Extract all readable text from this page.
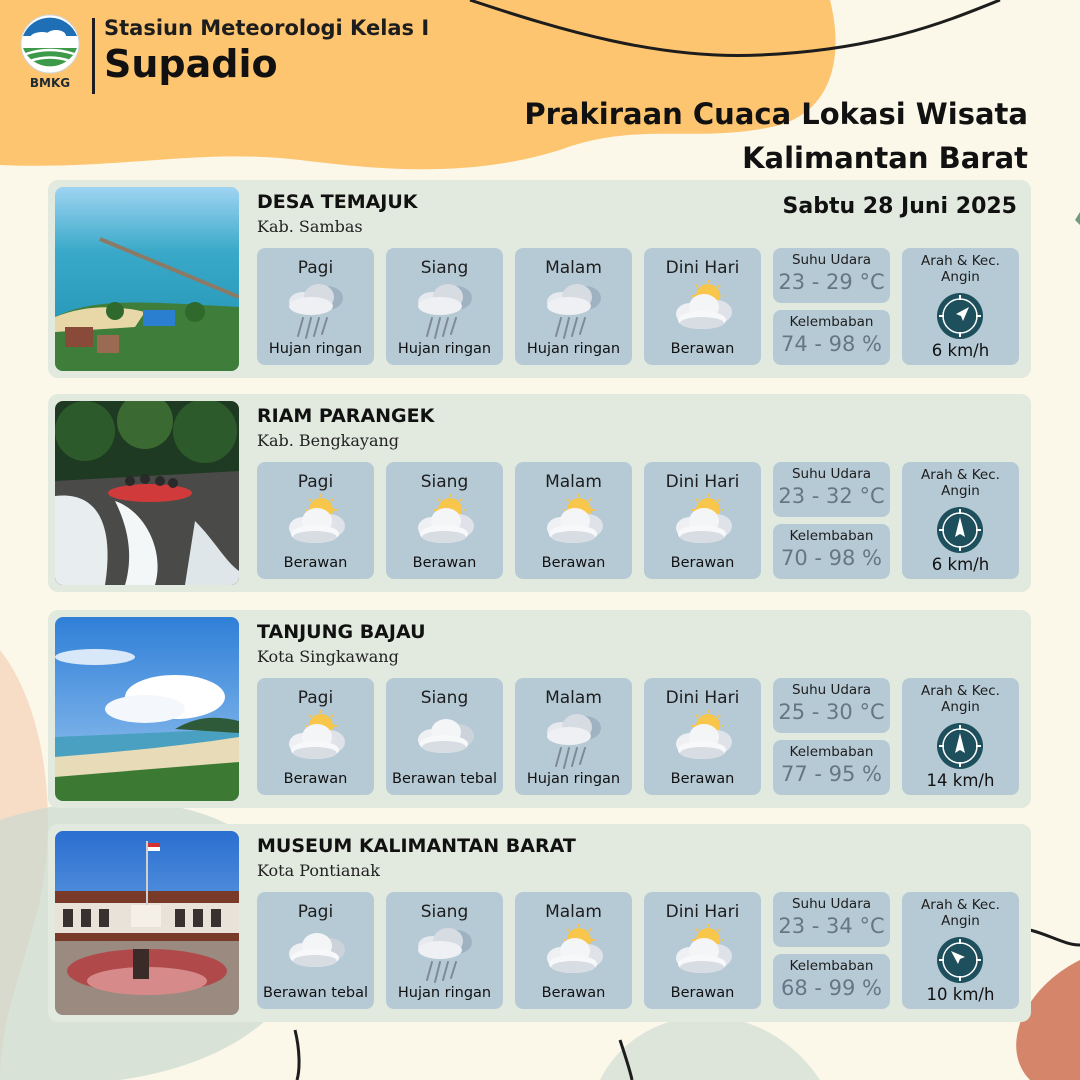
BMKG
Stasiun Meteorologi Kelas I
Supadio
Prakiraan Cuaca Lokasi Wisata
Kalimantan Barat
DESA TEMAJUK
Kab. Sambas
Sabtu 28 Juni 2025
Pagi
Hujan ringan
Siang
Hujan ringan
Malam
Hujan ringan
Dini Hari
Berawan
Suhu Udara
23 - 29 °C
Kelembaban
74 - 98 %
Arah & Kec. Angin
6 km/h
RIAM PARANGEK
Kab. Bengkayang
Pagi
Berawan
Siang
Berawan
Malam
Berawan
Dini Hari
Berawan
Suhu Udara
23 - 32 °C
Kelembaban
70 - 98 %
Arah & Kec. Angin
6 km/h
TANJUNG BAJAU
Kota Singkawang
Pagi
Berawan
Siang
Berawan tebal
Malam
Hujan ringan
Dini Hari
Berawan
Suhu Udara
25 - 30 °C
Kelembaban
77 - 95 %
Arah & Kec. Angin
14 km/h
MUSEUM KALIMANTAN BARAT
Kota Pontianak
Pagi
Berawan tebal
Siang
Hujan ringan
Malam
Berawan
Dini Hari
Berawan
Suhu Udara
23 - 34 °C
Kelembaban
68 - 99 %
Arah & Kec. Angin
10 km/h
